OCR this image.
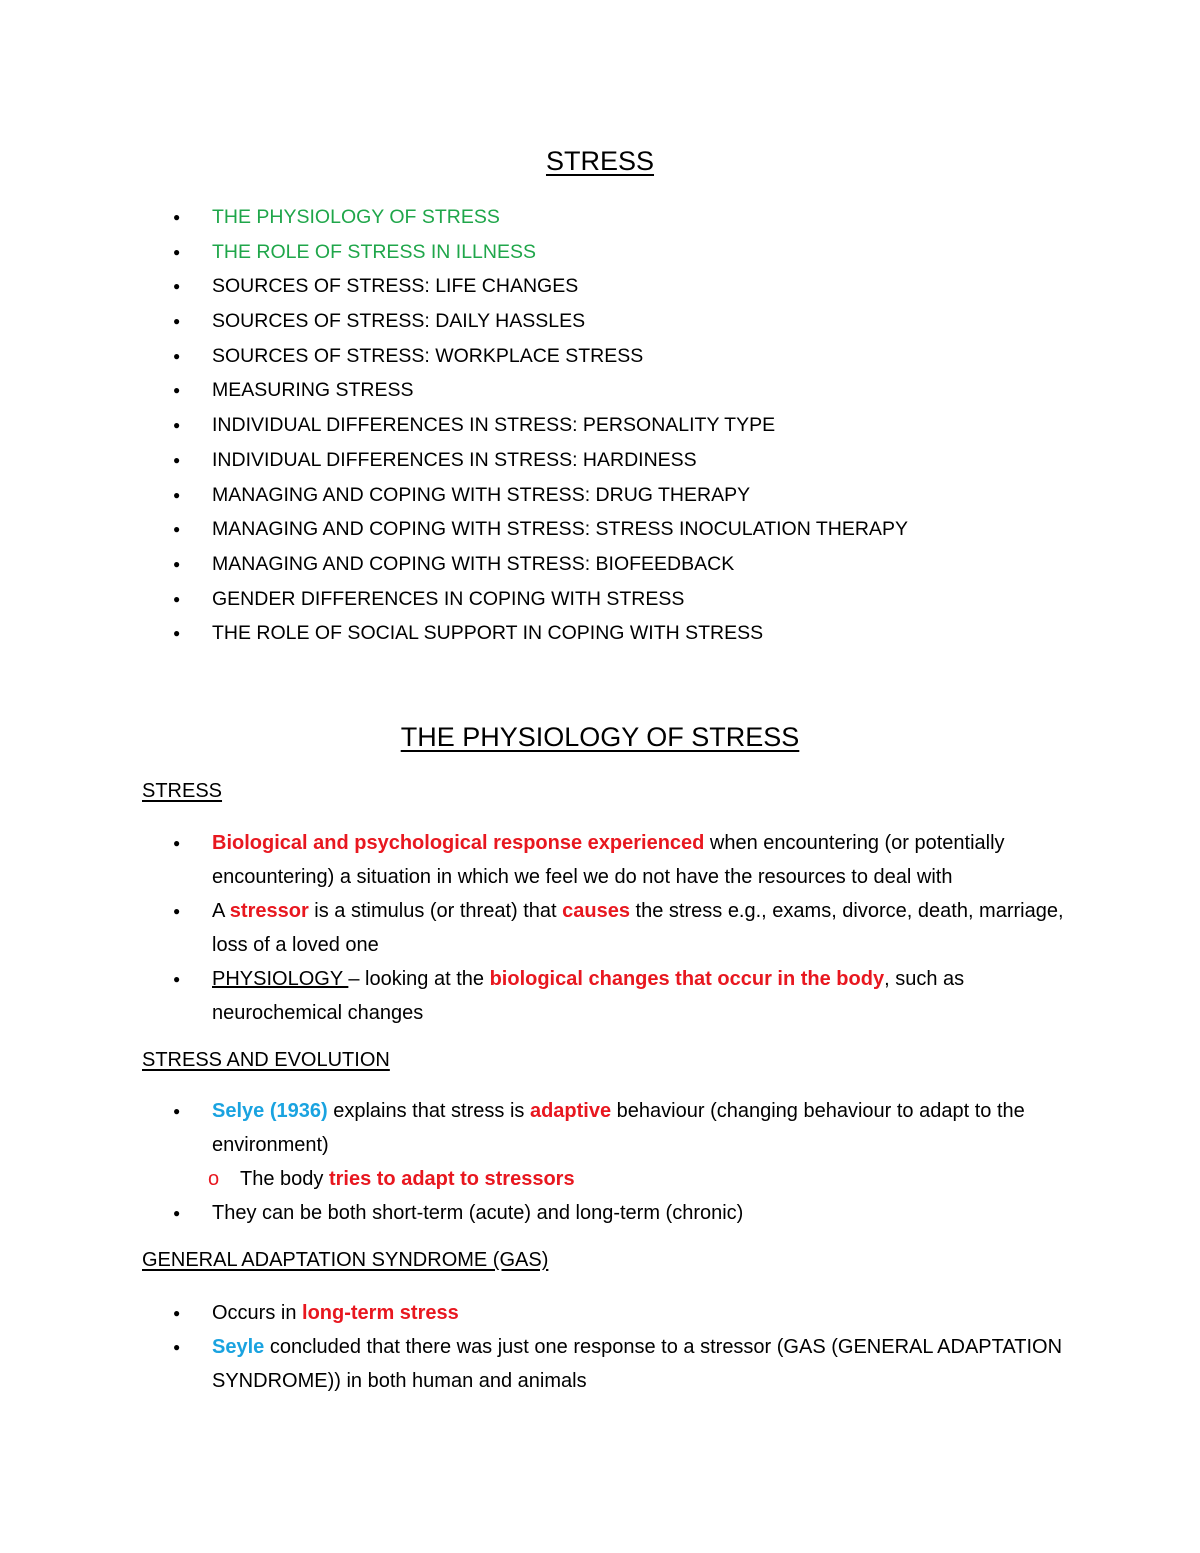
STRESS
● THE PHYSIOLOGY OF STRESS
● THE ROLE OF STRESS IN ILLNESS
● SOURCES OF STRESS: LIFE CHANGES
● SOURCES OF STRESS: DAILY HASSLES
● SOURCES OF STRESS: WORKPLACE STRESS
● MEASURING STRESS
● INDIVIDUAL DIFFERENCES IN STRESS: PERSONALITY TYPE
● INDIVIDUAL DIFFERENCES IN STRESS: HARDINESS
● MANAGING AND COPING WITH STRESS: DRUG THERAPY
● MANAGING AND COPING WITH STRESS: STRESS INOCULATION THERAPY
● MANAGING AND COPING WITH STRESS: BIOFEEDBACK
● GENDER DIFFERENCES IN COPING WITH STRESS
● THE ROLE OF SOCIAL SUPPORT IN COPING WITH STRESS
THE PHYSIOLOGY OF STRESS
STRESS
● Biological and psychological response experienced when encountering (or potentially encountering) a situation in which we feel we do not have the resources to deal with
● A stressor is a stimulus (or threat) that causes the stress e.g., exams, divorce, death, marriage, loss of a loved one
● PHYSIOLOGY – looking at the biological changes that occur in the body, such as neurochemical changes
STRESS AND EVOLUTION
● Selye (1936) explains that stress is adaptive behaviour (changing behaviour to adapt to the environment)
o The body tries to adapt to stressors
● They can be both short-term (acute) and long-term (chronic)
GENERAL ADAPTATION SYNDROME (GAS)
● Occurs in long-term stress
● Seyle concluded that there was just one response to a stressor (GAS (GENERAL ADAPTATION SYNDROME)) in both human and animals
